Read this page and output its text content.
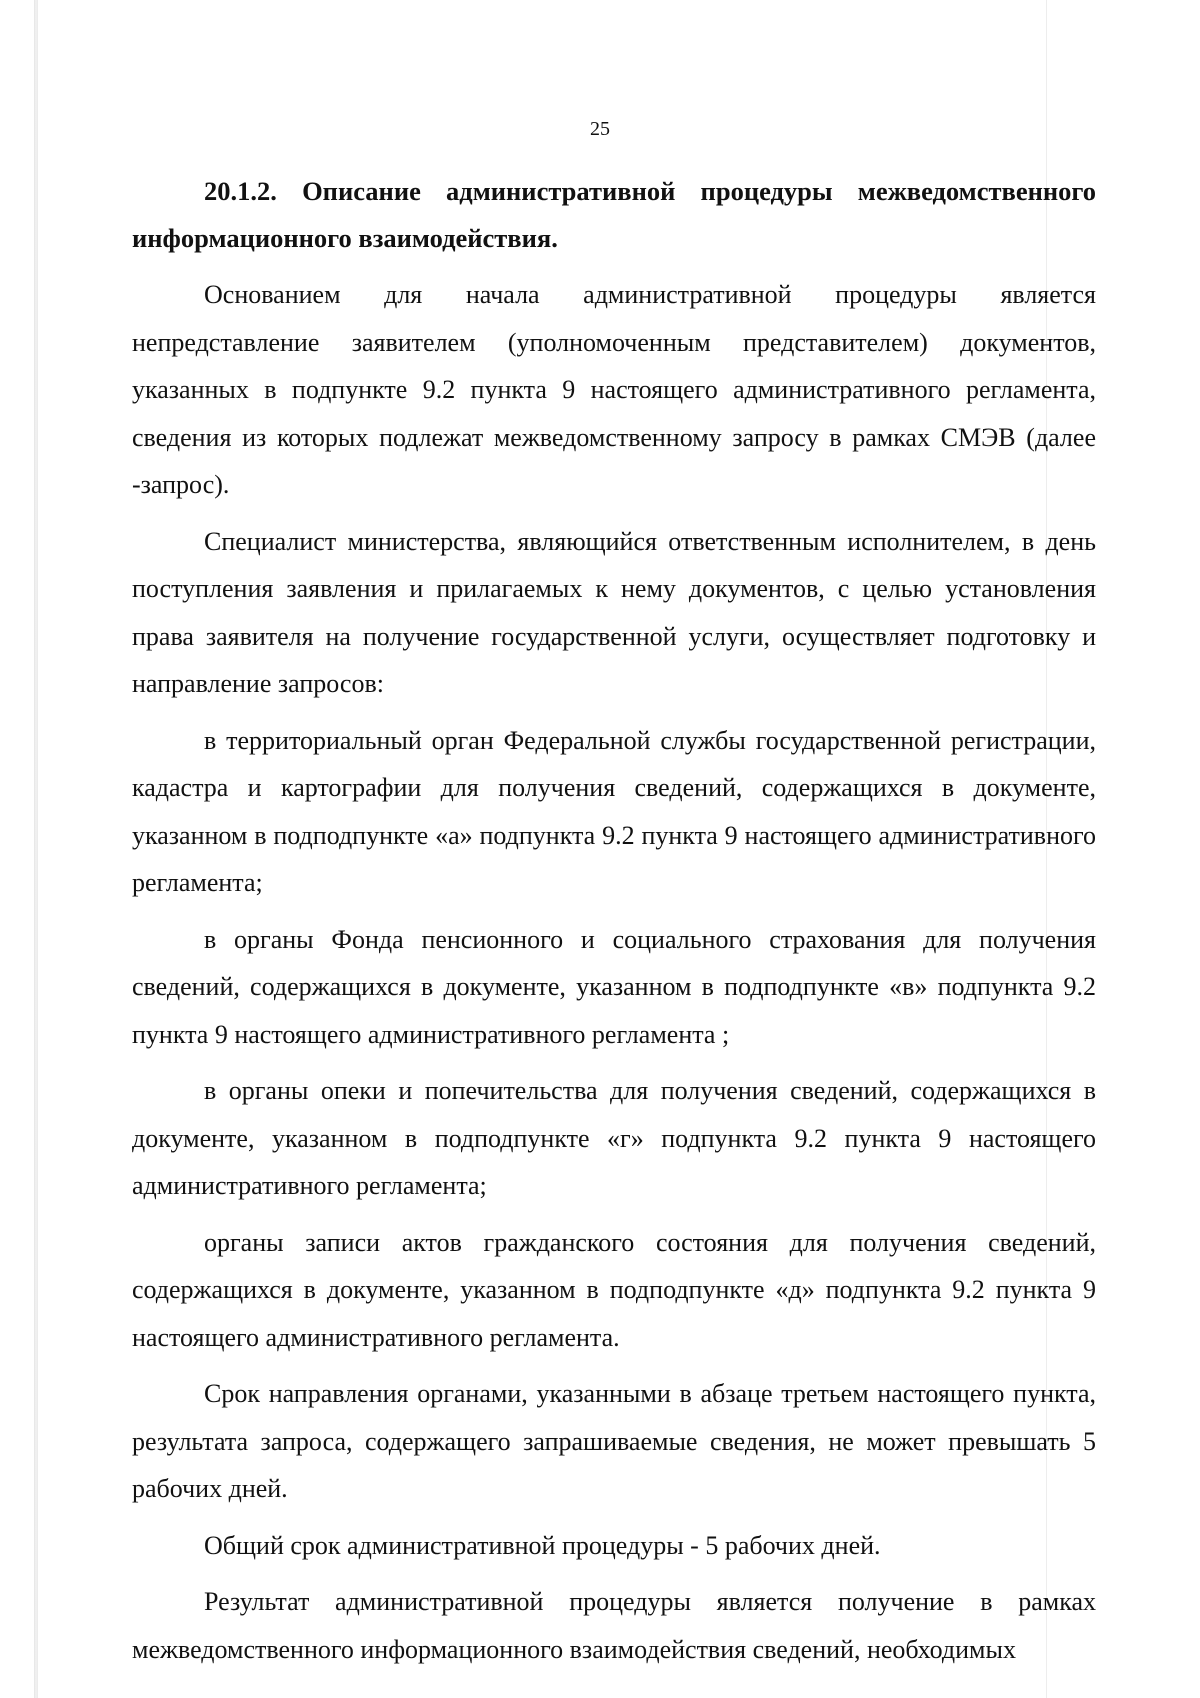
25

20.1.2. Описание административной процедуры межведомственного информационного взаимодействия.

Основанием для начала административной процедуры является непредставление заявителем (уполномоченным представителем) документов, указанных в подпункте 9.2 пункта 9 настоящего административного регламента, сведения из которых подлежат межведомственному запросу в рамках СМЭВ (далее -запрос).

Специалист министерства, являющийся ответственным исполнителем, в день поступления заявления и прилагаемых к нему документов, с целью установления права заявителя на получение государственной услуги, осуществляет подготовку и направление запросов:

в территориальный орган Федеральной службы государственной регистрации, кадастра и картографии для получения сведений, содержащихся в документе, указанном в подподпункте «а» подпункта 9.2 пункта 9 настоящего административного регламента;

в органы Фонда пенсионного и социального страхования для получения сведений, содержащихся в документе, указанном в подподпункте «в» подпункта 9.2 пункта 9 настоящего административного регламента ;

в органы опеки и попечительства для получения сведений, содержащихся в документе, указанном в подподпункте «г» подпункта 9.2 пункта 9 настоящего административного регламента;

органы записи актов гражданского состояния для получения сведений, содержащихся в документе, указанном в подподпункте «д» подпункта 9.2 пункта 9 настоящего административного регламента.

Срок направления органами, указанными в абзаце третьем настоящего пункта, результата запроса, содержащего запрашиваемые сведения, не может превышать 5 рабочих дней.

Общий срок административной процедуры - 5 рабочих дней.

Результат административной процедуры является получение в рамках межведомственного информационного взаимодействия сведений, необходимых
